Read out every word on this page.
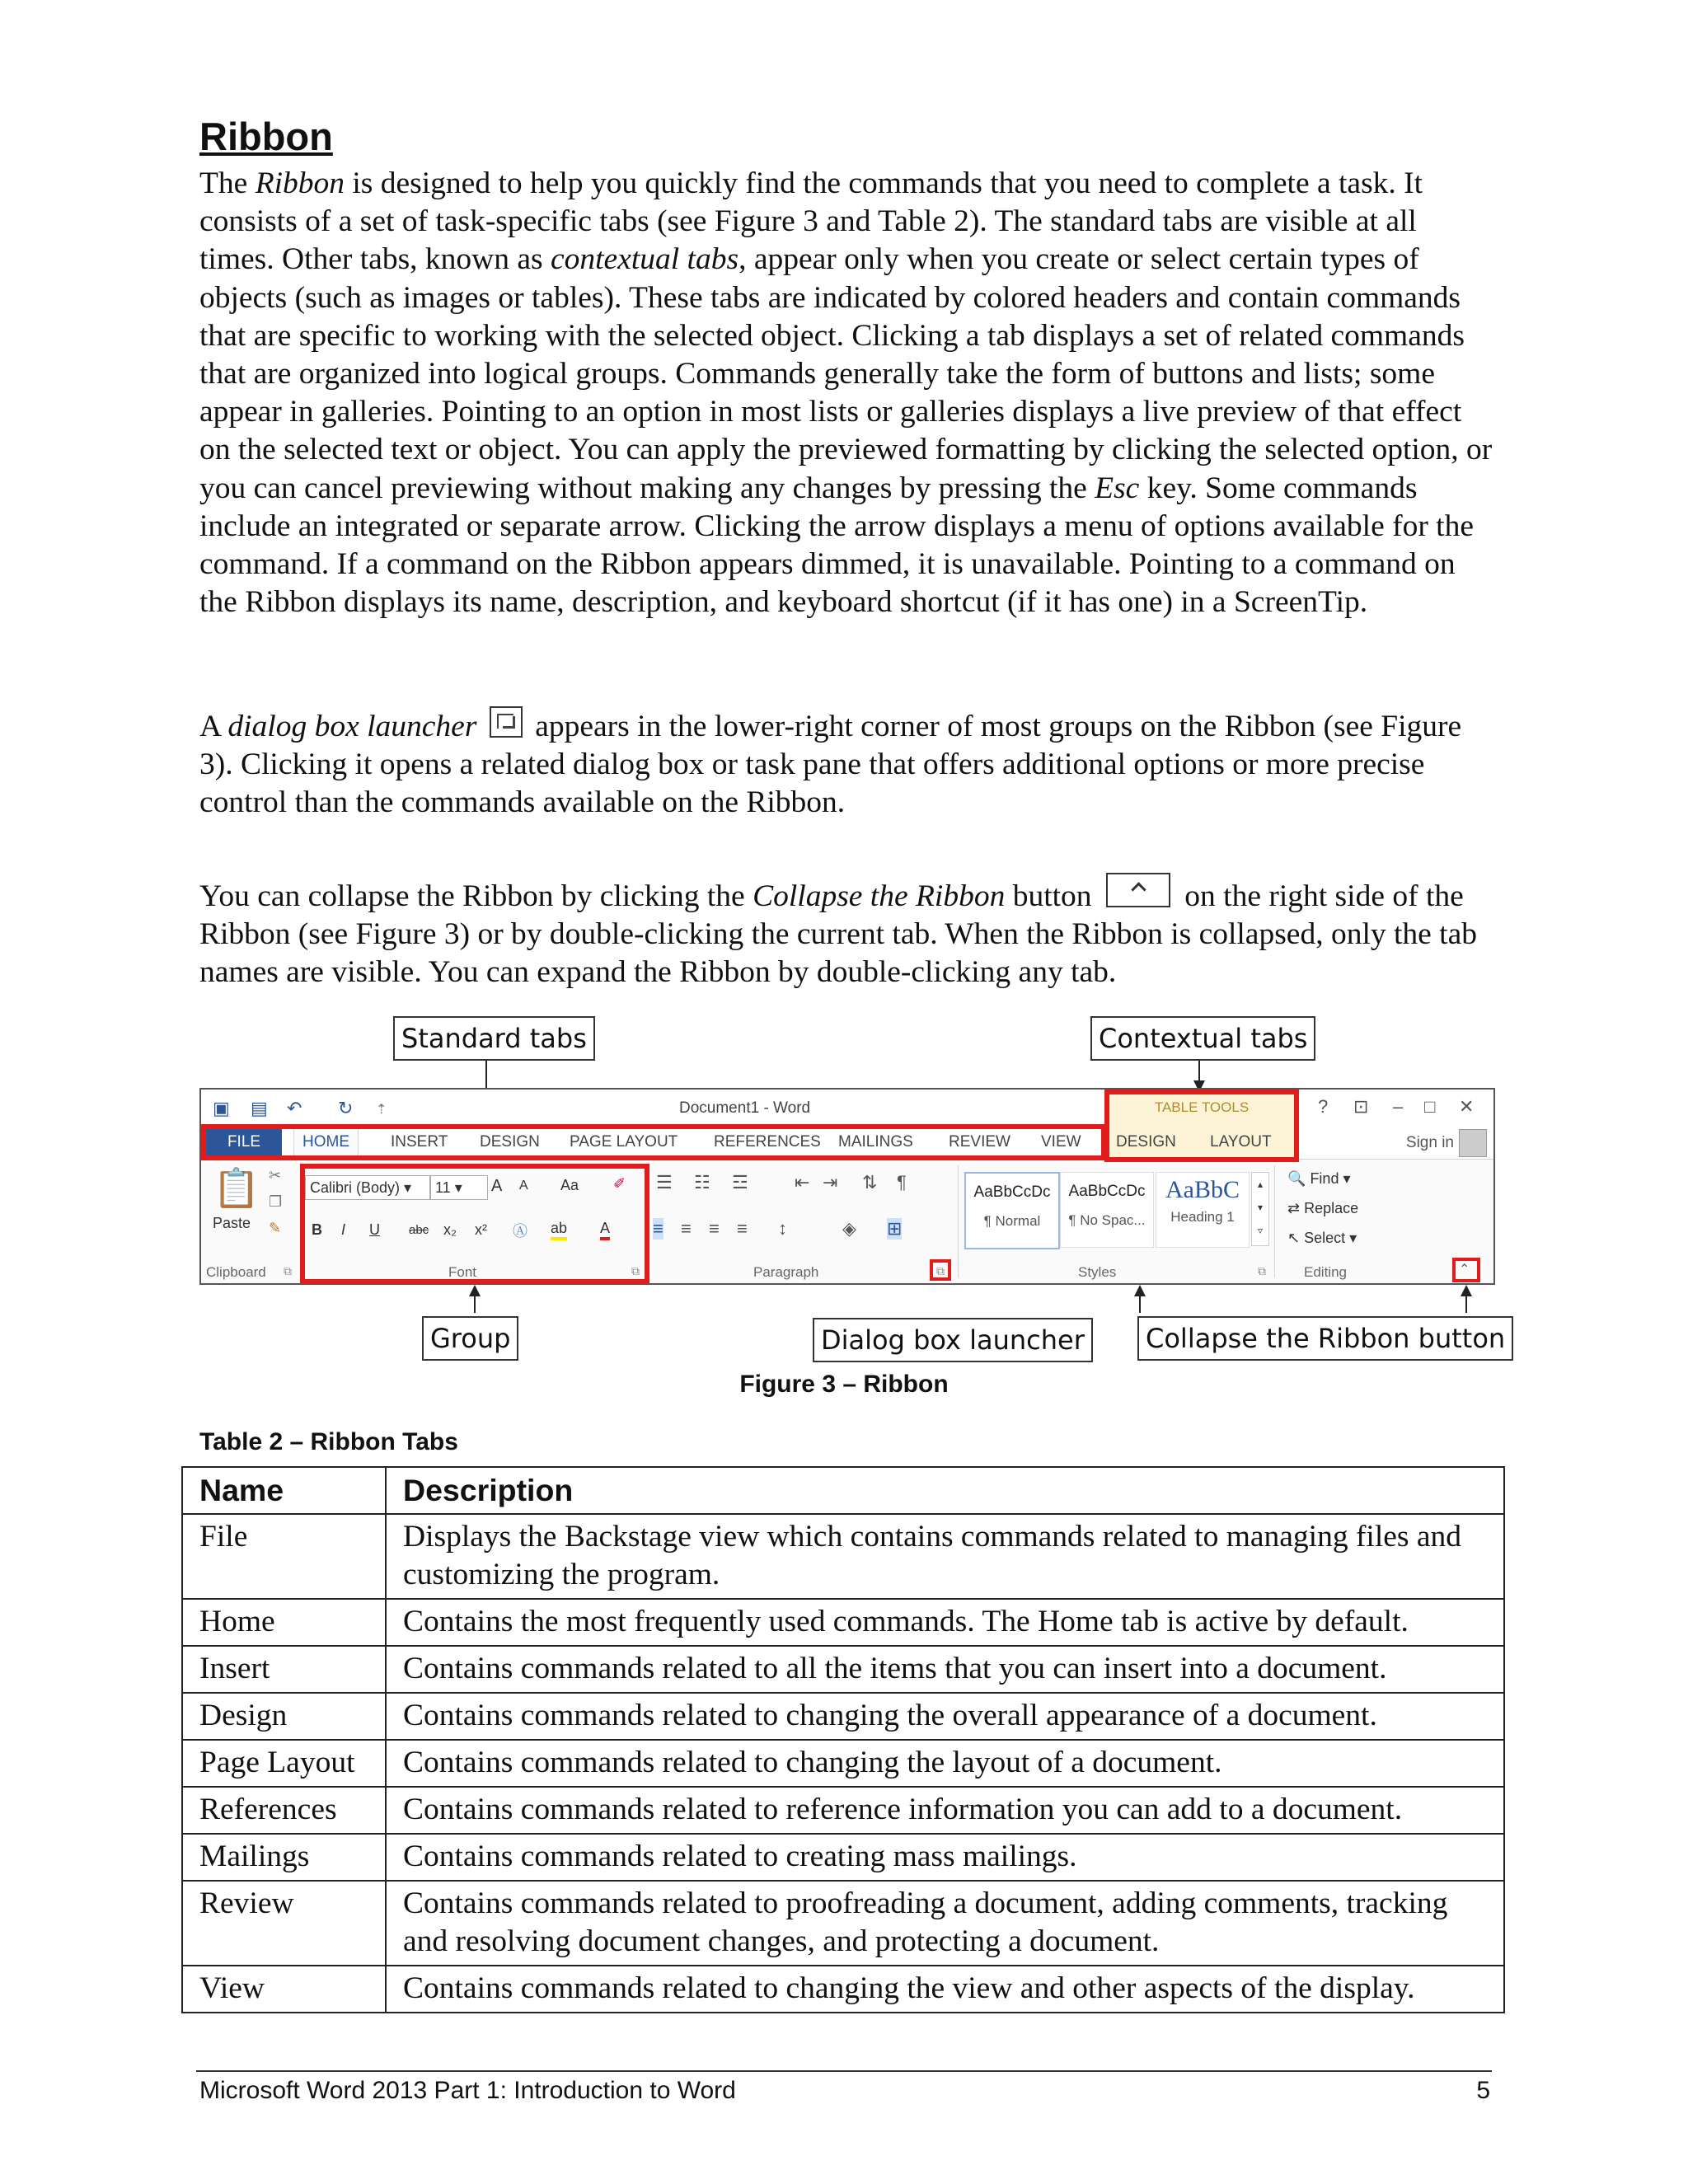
Ribbon

The Ribbon is designed to help you quickly find the commands that you need to complete a task. It consists of a set of task-specific tabs (see Figure 3 and Table 2). The standard tabs are visible at all times. Other tabs, known as contextual tabs, appear only when you create or select certain types of objects (such as images or tables). These tabs are indicated by colored headers and contain commands that are specific to working with the selected object. Clicking a tab displays a set of related commands that are organized into logical groups. Commands generally take the form of buttons and lists; some appear in galleries. Pointing to an option in most lists or galleries displays a live preview of that effect on the selected text or object. You can apply the previewed formatting by clicking the selected option, or you can cancel previewing without making any changes by pressing the Esc key. Some commands include an integrated or separate arrow. Clicking the arrow displays a menu of options available for the command. If a command on the Ribbon appears dimmed, it is unavailable. Pointing to a command on the Ribbon displays its name, description, and keyboard shortcut (if it has one) in a ScreenTip.

A dialog box launcher  appears in the lower-right corner of most groups on the Ribbon (see Figure 3). Clicking it opens a related dialog box or task pane that offers additional options or more precise control than the commands available on the Ribbon.

You can collapse the Ribbon by clicking the Collapse the Ribbon button	on the right side of the Ribbon (see Figure 3) or by double-clicking the current tab. When the Ribbon is collapsed, only the tab names are visible. You can expand the Ribbon by double-clicking any tab.

Standard tabs	Contextual tabs
▣ ▤ ↶ ↻ ⇡	Document1 - Word	TABLE TOOLS	? ⊡ – □ ✕
FILE	HOME	INSERT	DESIGN	PAGE LAYOUT	REFERENCES	MAILINGS	REVIEW	VIEW	DESIGN	LAYOUT	Sign in
📋
Paste
✂
❐
✎
Clipboard ⧉
Calibri (Body) ▾	11 ▾	A A Aa ✐
B I U abc x₂ x² Ⓐ ab A
Font	⧉
☰ ☷ ☲	⇤ ⇥ ⇅ ¶
≡ ≡ ≡ ≡ ↕	◈ ⊞
Paragraph	⧉
AaBbCcDc
¶ Normal
AaBbCcDc
¶ No Spac...
AaBbC
Heading 1
▴
▾
▿
Styles	⧉
🔍 Find ▾
⇄ Replace
↖ Select ▾
Editing	⌃
Group	Dialog box launcher	Collapse the Ribbon button
Figure 3 – Ribbon
Table 2 – Ribbon Tabs
Name	Description
File	Displays the Backstage view which contains commands related to managing files and customizing the program.
Home	Contains the most frequently used commands. The Home tab is active by default.
Insert	Contains commands related to all the items that you can insert into a document.
Design	Contains commands related to changing the overall appearance of a document.
Page Layout	Contains commands related to changing the layout of a document.
References	Contains commands related to reference information you can add to a document.
Mailings	Contains commands related to creating mass mailings.
Review	Contains commands related to proofreading a document, adding comments, tracking and resolving document changes, and protecting a document.
View	Contains commands related to changing the view and other aspects of the display.
Microsoft Word 2013 Part 1: Introduction to Word	5
